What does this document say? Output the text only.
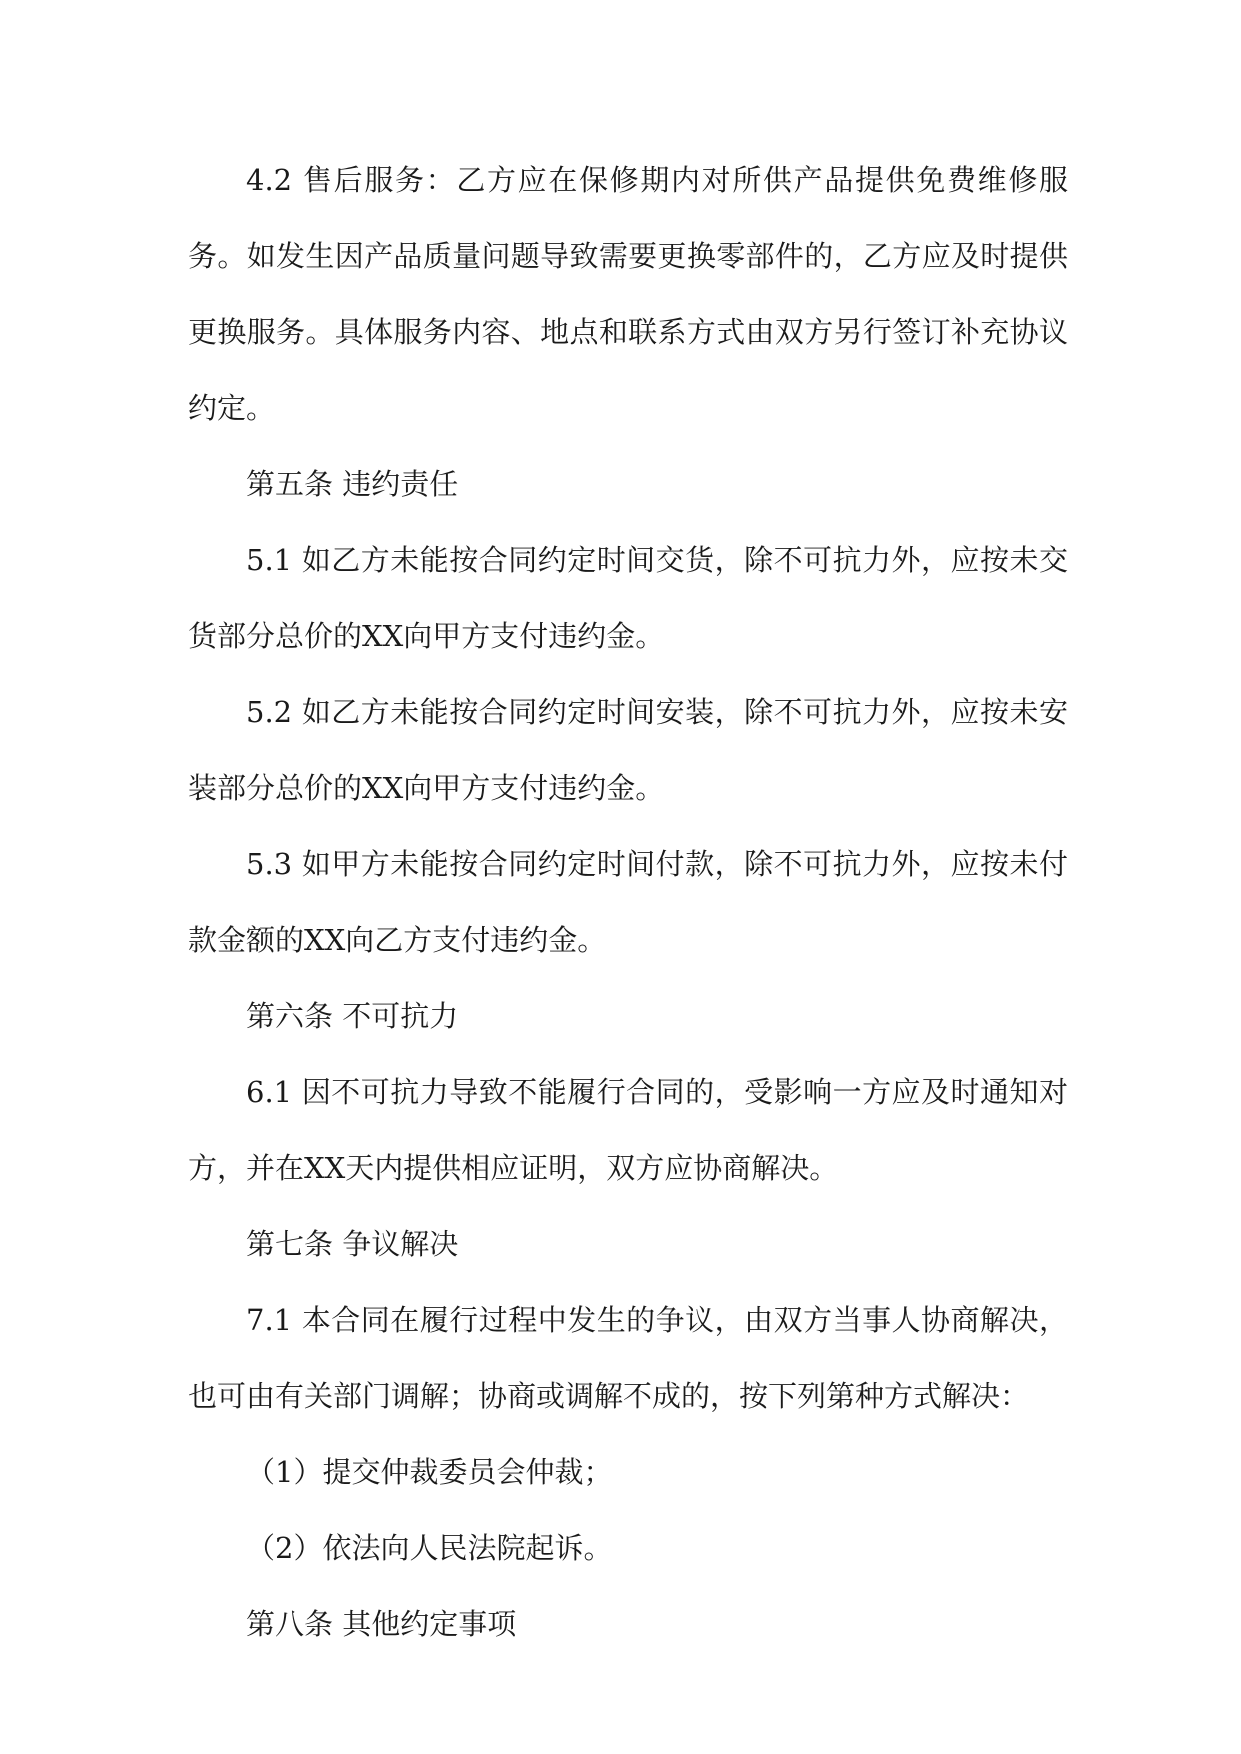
4.2 售后服务：乙方应在保修期内对所供产品提供免费维修服务。如发生因产品质量问题导致需要更换零部件的，乙方应及时提供更换服务。具体服务内容、地点和联系方式由双方另行签订补充协议约定。

第五条 违约责任

5.1 如乙方未能按合同约定时间交货，除不可抗力外，应按未交货部分总价的XX向甲方支付违约金。

5.2 如乙方未能按合同约定时间安装，除不可抗力外，应按未安装部分总价的XX向甲方支付违约金。

5.3 如甲方未能按合同约定时间付款，除不可抗力外，应按未付款金额的XX向乙方支付违约金。

第六条 不可抗力

6.1 因不可抗力导致不能履行合同的，受影响一方应及时通知对方，并在XX天内提供相应证明，双方应协商解决。

第七条 争议解决

7.1 本合同在履行过程中发生的争议，由双方当事人协商解决，也可由有关部门调解；协商或调解不成的，按下列第种方式解决：

（1）提交仲裁委员会仲裁；

（2）依法向人民法院起诉。

第八条 其他约定事项
